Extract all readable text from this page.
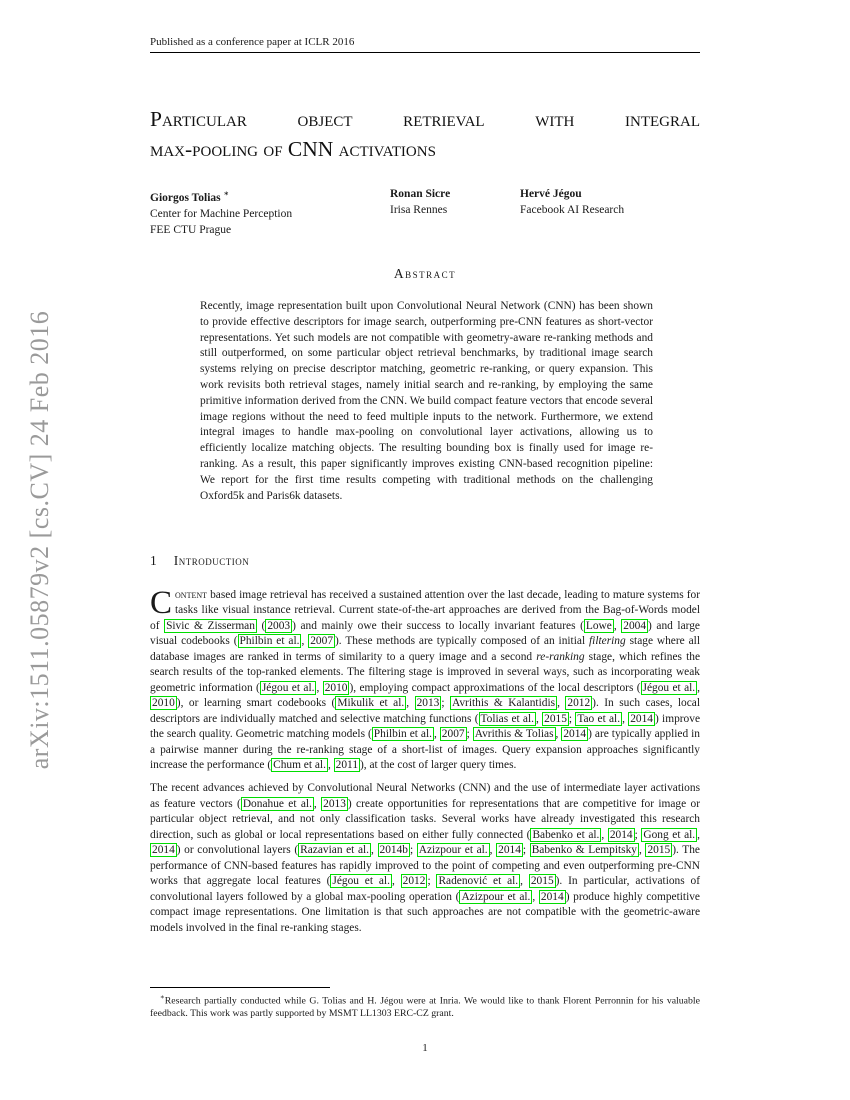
Published as a conference paper at ICLR 2016
arXiv:1511.05879v2 [cs.CV] 24 Feb 2016
Particular object retrieval with integral
max-pooling of CNN activations
Giorgos Tolias ∗
Center for Machine Perception
FEE CTU Prague
Ronan Sicre
Irisa Rennes
Hervé Jégou
Facebook AI Research
Abstract
Recently, image representation built upon Convolutional Neural Network (CNN) has been shown to provide effective descriptors for image search, outperforming pre-CNN features as short-vector representations. Yet such models are not compatible with geometry-aware re-ranking methods and still outperformed, on some particular object retrieval benchmarks, by traditional image search systems relying on precise descriptor matching, geometric re-ranking, or query expansion. This work revisits both retrieval stages, namely initial search and re-ranking, by employing the same primitive information derived from the CNN. We build compact feature vectors that encode several image regions without the need to feed multiple inputs to the network. Furthermore, we extend integral images to handle max-pooling on convolutional layer activations, allowing us to efficiently localize matching objects. The resulting bounding box is finally used for image re-ranking. As a result, this paper significantly improves existing CNN-based recognition pipeline: We report for the first time results competing with traditional methods on the challenging Oxford5k and Paris6k datasets.
1 Introduction

Content based image retrieval has received a sustained attention over the last decade, leading to mature systems for tasks like visual instance retrieval. Current state-of-the-art approaches are derived from the Bag-of-Words model of Sivic & Zisserman ( 2003 ) and mainly owe their success to locally invariant features ( Lowe , 2004 ) and large visual codebooks ( Philbin et al. , 2007 ). These methods are typically composed of an initial filtering stage where all database images are ranked in terms of similarity to a query image and a second re-ranking stage, which refines the search results of the top-ranked elements. The filtering stage is improved in several ways, such as incorporating weak geometric information ( Jégou et al. , 2010 ), employing compact approximations of the local descriptors ( Jégou et al. , 2010 ), or learning smart codebooks ( Mikulik et al. , 2013 ; Avrithis & Kalantidis , 2012 ). In such cases, local descriptors are individually matched and selective matching functions ( Tolias et al. , 2015 ; Tao et al. , 2014 ) improve the search quality. Geometric matching models ( Philbin et al. , 2007 ; Avrithis & Tolias , 2014 ) are typically applied in a pairwise manner during the re-ranking stage of a short-list of images. Query expansion approaches significantly increase the performance ( Chum et al. , 2011 ), at the cost of larger query times.

The recent advances achieved by Convolutional Neural Networks (CNN) and the use of intermediate layer activations as feature vectors ( Donahue et al. , 2013 ) create opportunities for representations that are competitive for image or particular object retrieval, and not only classification tasks. Several works have already investigated this research direction, such as global or local representations based on either fully connected ( Babenko et al. , 2014 ; Gong et al. , 2014 ) or convolutional layers ( Razavian et al. , 2014b ; Azizpour et al. , 2014 ; Babenko & Lempitsky , 2015 ). The performance of CNN-based features has rapidly improved to the point of competing and even outperforming pre-CNN works that aggregate local features ( Jégou et al. , 2012 ; Radenović et al. , 2015 ). In particular, activations of convolutional layers followed by a global max-pooling operation ( Azizpour et al. , 2014 ) produce highly competitive compact image representations. One limitation is that such approaches are not compatible with the geometric-aware models involved in the final re-ranking stages.

∗Research partially conducted while G. Tolias and H. Jégou were at Inria. We would like to thank Florent Perronnin for his valuable feedback. This work was partly supported by MSMT LL1303 ERC-CZ grant.
1
